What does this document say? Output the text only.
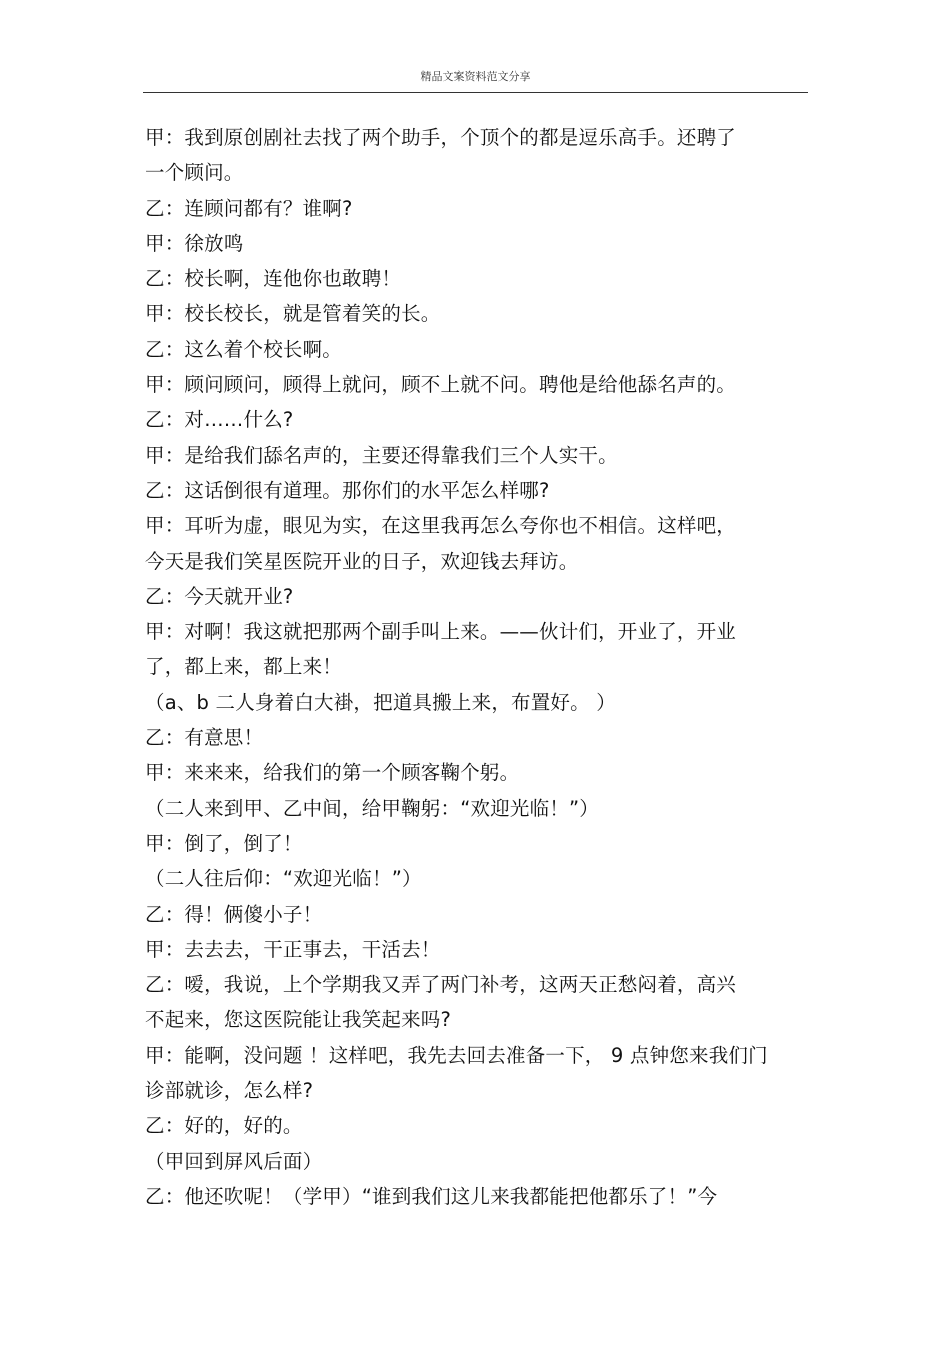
精品文案资料范文分享
甲：我到原创剧社去找了两个助手，个顶个的都是逗乐高手。还聘了
一个顾问。
乙：连顾问都有？谁啊?
甲：徐放鸣
乙：校长啊，连他你也敢聘！
甲：校长校长，就是管着笑的长。
乙：这么着个校长啊。
甲：顾问顾问，顾得上就问，顾不上就不问。聘他是给他舔名声的。
乙：对……什么?
甲：是给我们舔名声的，主要还得靠我们三个人实干。
乙：这话倒很有道理。那你们的水平怎么样哪?
甲：耳听为虚，眼见为实，在这里我再怎么夸你也不相信。这样吧，
今天是我们笑星医院开业的日子，欢迎钱去拜访。
乙：今天就开业?
甲：对啊！我这就把那两个副手叫上来。——伙计们，开业了，开业
了，都上来，都上来！
（a、b 二人身着白大褂，把道具搬上来，布置好。 ）
乙：有意思！
甲：来来来，给我们的第一个顾客鞠个躬。
（二人来到甲、乙中间，给甲鞠躬：“欢迎光临！”）
甲：倒了，倒了！
（二人往后仰：“欢迎光临！”）
乙：得！俩傻小子！
甲：去去去，干正事去，干活去！
乙：嗳，我说，上个学期我又弄了两门补考，这两天正愁闷着，高兴
不起来，您这医院能让我笑起来吗?
甲：能啊，没问题 ！这样吧，我先去回去准备一下， 9 点钟您来我们门
诊部就诊，怎么样?
乙：好的，好的。
（甲回到屏风后面）
乙：他还吹呢！（学甲）“谁到我们这儿来我都能把他都乐了！”今
